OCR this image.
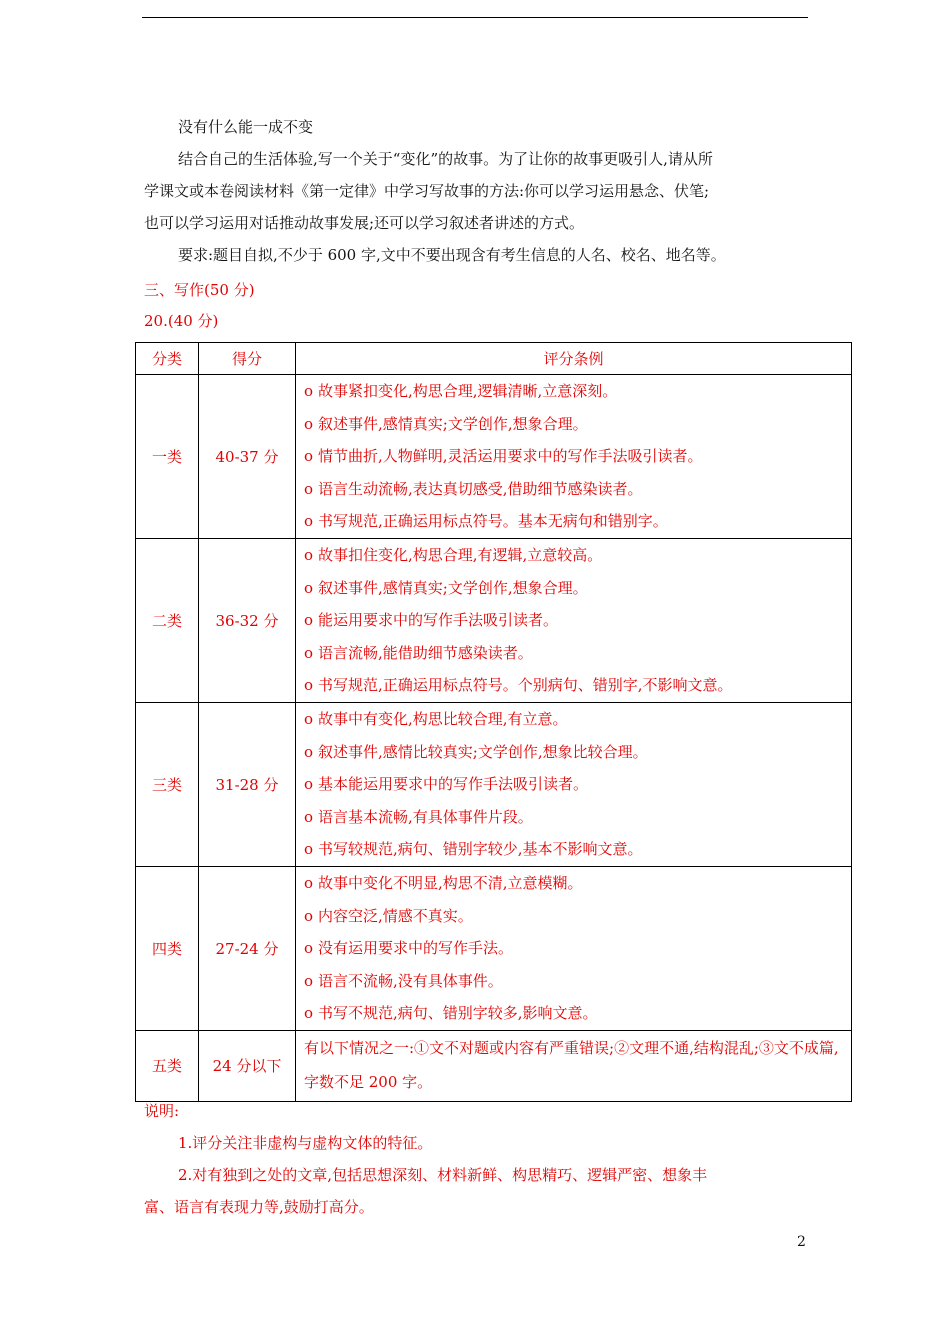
没有什么能一成不变
结合自己的生活体验,写一个关于“变化”的故事。为了让你的故事更吸引人,请从所
学课文或本卷阅读材料《第一定律》中学习写故事的方法:你可以学习运用悬念、伏笔;
也可以学习运用对话推动故事发展;还可以学习叙述者讲述的方式。
要求:题目自拟,不少于 600 字,文中不要出现含有考生信息的人名、校名、地名等。
三、写作(50 分)
20.(40 分)
分类	得分	评分条例
一类	40-37 分	o 故事紧扣变化,构思合理,逻辑清晰,立意深刻。
o 叙述事件,感情真实;文学创作,想象合理。
o 情节曲折,人物鲜明,灵活运用要求中的写作手法吸引读者。
o 语言生动流畅,表达真切感受,借助细节感染读者。
o 书写规范,正确运用标点符号。基本无病句和错别字。

二类	36-32 分	o 故事扣住变化,构思合理,有逻辑,立意较高。
o 叙述事件,感情真实;文学创作,想象合理。
o 能运用要求中的写作手法吸引读者。
o 语言流畅,能借助细节感染读者。
o 书写规范,正确运用标点符号。个别病句、错别字,不影响文意。

三类	31-28 分	o 故事中有变化,构思比较合理,有立意。
o 叙述事件,感情比较真实;文学创作,想象比较合理。
o 基本能运用要求中的写作手法吸引读者。
o 语言基本流畅,有具体事件片段。
o 书写较规范,病句、错别字较少,基本不影响文意。

四类	27-24 分	o 故事中变化不明显,构思不清,立意模糊。
o 内容空泛,情感不真实。
o 没有运用要求中的写作手法。
o 语言不流畅,没有具体事件。
o 书写不规范,病句、错别字较多,影响文意。

五类	24 分以下	有以下情况之一:①文不对题或内容有严重错误;②文理不通,结构混乱;③文不成篇,字数不足 200 字。
说明:
1.评分关注非虚构与虚构文体的特征。
2.对有独到之处的文章,包括思想深刻、材料新鲜、构思精巧、逻辑严密、想象丰
富、语言有表现力等,鼓励打高分。
2
